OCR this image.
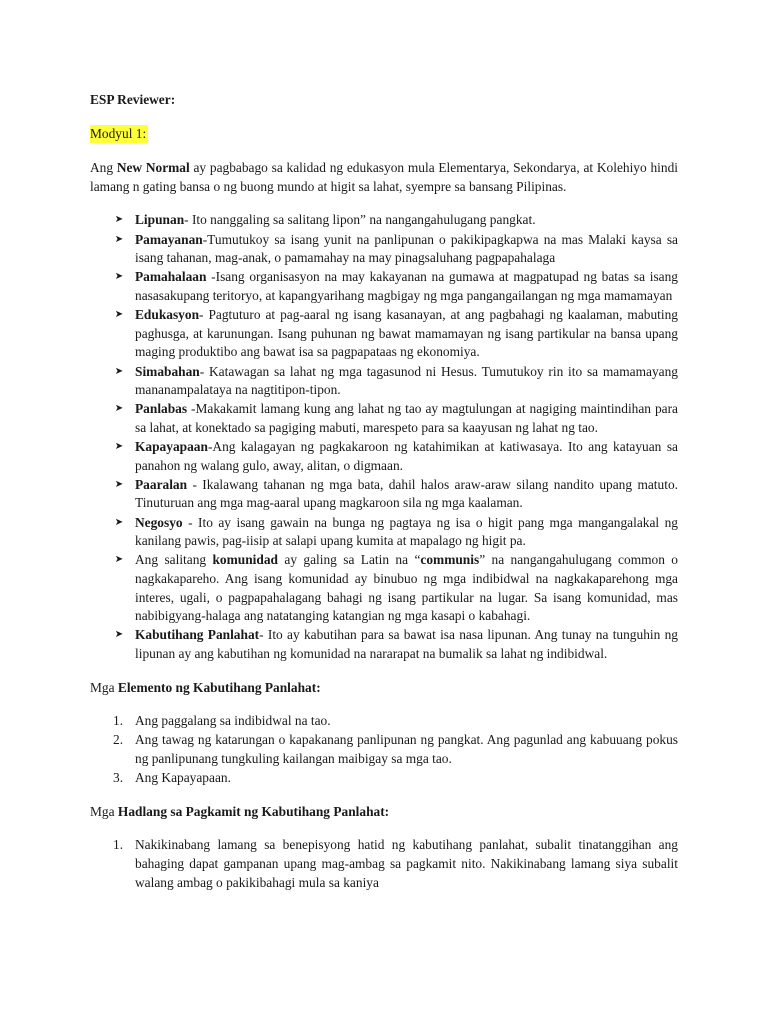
ESP Reviewer:

Modyul 1:

Ang New Normal ay pagbabago sa kalidad ng edukasyon mula Elementarya, Sekondarya, at Kolehiyo hindi lamang n gating bansa o ng buong mundo at higit sa lahat, syempre sa bansang Pilipinas.

➤ Lipunan- Ito nanggaling sa salitang lipon” na nangangahulugang pangkat.
➤ Pamayanan-Tumutukoy sa isang yunit na panlipunan o pakikipagkapwa na mas Malaki kaysa sa isang tahanan, mag-anak, o pamamahay na may pinagsaluhang pagpapahalaga
➤ Pamahalaan -Isang organisasyon na may kakayanan na gumawa at magpatupad ng batas sa isang nasasakupang teritoryo, at kapangyarihang magbigay ng mga pangangailangan ng mga mamamayan
➤ Edukasyon- Pagtuturo at pag-aaral ng isang kasanayan, at ang pagbahagi ng kaalaman, mabuting paghusga, at karunungan. Isang puhunan ng bawat mamamayan ng isang partikular na bansa upang maging produktibo ang bawat isa sa pagpapataas ng ekonomiya.
➤ Simabahan- Katawagan sa lahat ng mga tagasunod ni Hesus. Tumutukoy rin ito sa mamamayang mananampalataya na nagtitipon-tipon.
➤ Panlabas -Makakamit lamang kung ang lahat ng tao ay magtulungan at nagiging maintindihan para sa lahat, at konektado sa pagiging mabuti, marespeto para sa kaayusan ng lahat ng tao.
➤ Kapayapaan-Ang kalagayan ng pagkakaroon ng katahimikan at katiwasaya. Ito ang katayuan sa panahon ng walang gulo, away, alitan, o digmaan.
➤ Paaralan - Ikalawang tahanan ng mga bata, dahil halos araw-araw silang nandito upang matuto. Tinuturuan ang mga mag-aaral upang magkaroon sila ng mga kaalaman.
➤ Negosyo - Ito ay isang gawain na bunga ng pagtaya ng isa o higit pang mga mangangalakal ng kanilang pawis, pag-iisip at salapi upang kumita at mapalago ng higit pa.
➤ Ang salitang komunidad ay galing sa Latin na “communis” na nangangahulugang common o nagkakapareho. Ang isang komunidad ay binubuo ng mga indibidwal na nagkakaparehong mga interes, ugali, o pagpapahalagang bahagi ng isang partikular na lugar. Sa isang komunidad, mas nabibigyang-halaga ang natatanging katangian ng mga kasapi o kabahagi.
➤ Kabutihang Panlahat- Ito ay kabutihan para sa bawat isa nasa lipunan. Ang tunay na tunguhin ng lipunan ay ang kabutihan ng komunidad na nararapat na bumalik sa lahat ng indibidwal.

Mga Elemento ng Kabutihang Panlahat:

1. Ang paggalang sa indibidwal na tao.
2. Ang tawag ng katarungan o kapakanang panlipunan ng pangkat. Ang pagunlad ang kabuuang pokus ng panlipunang tungkuling kailangan maibigay sa mga tao.
3. Ang Kapayapaan.

Mga Hadlang sa Pagkamit ng Kabutihang Panlahat:

1. Nakikinabang lamang sa benepisyong hatid ng kabutihang panlahat, subalit tinatanggihan ang bahaging dapat gampanan upang mag-ambag sa pagkamit nito. Nakikinabang lamang siya subalit walang ambag o pakikibahagi mula sa kaniya
